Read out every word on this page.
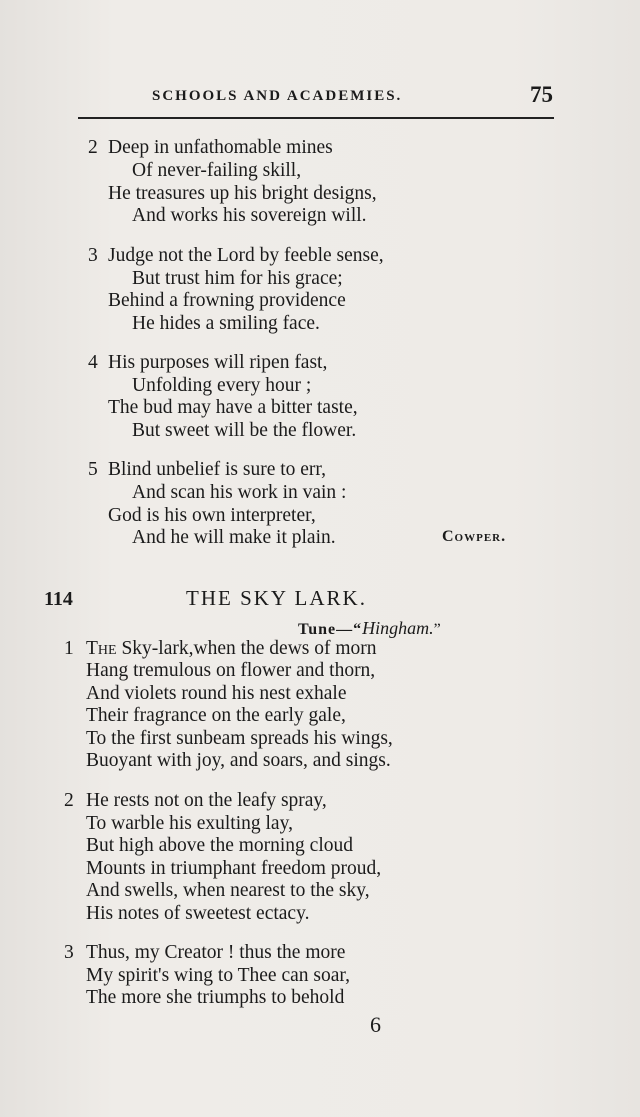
SCHOOLS AND ACADEMIES.	75
2 Deep in unfathomable mines
Of never-failing skill,
He treasures up his bright designs,
And works his sovereign will.
3 Judge not the Lord by feeble sense,
But trust him for his grace;
Behind a frowning providence
He hides a smiling face.
4 His purposes will ripen fast,
Unfolding every hour ;
The bud may have a bitter taste,
But sweet will be the flower.
5 Blind unbelief is sure to err,
And scan his work in vain :
God is his own interpreter,
And he will make it plain.	Cowper.
114	THE SKY LARK.
Tune—“Hingham.”
1 The Sky-lark,when the dews of morn
Hang tremulous on flower and thorn,
And violets round his nest exhale
Their fragrance on the early gale,
To the first sunbeam spreads his wings,
Buoyant with joy, and soars, and sings.
2 He rests not on the leafy spray,
To warble his exulting lay,
But high above the morning cloud
Mounts in triumphant freedom proud,
And swells, when nearest to the sky,
His notes of sweetest ectacy.
3 Thus, my Creator ! thus the more
My spirit's wing to Thee can soar,
The more she triumphs to behold
6
